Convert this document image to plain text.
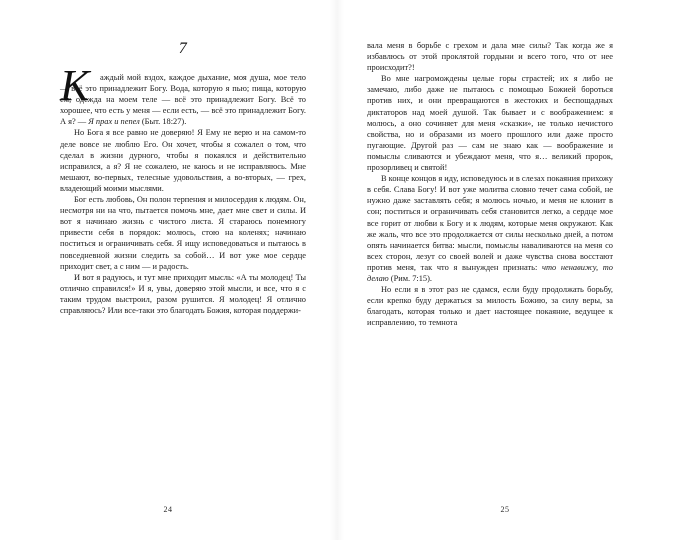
7
К	аждый мой вздох, каждое дыхание, моя душа, мое тело — всё это принадлежит Богу. Вода, которую я пью; пища, которую ем; одежда на моем теле — всё это принадлежит Богу. Всё то хорошее, что есть у меня — если есть, — всё это принадлежит Богу. А я? — Я прах и пепел (Быт. 18:27).

Но Бога я все равно не доверяю! Я Ему не верю и на самом-то деле вовсе не люблю Его. Он хочет, чтобы я сожалел о том, что сделал в жизни дурного, чтобы я покаялся и действительно исправился, а я? Я не сожалею, не каюсь и не исправляюсь. Мне мешают, во-первых, телесные удовольствия, а во-вторых, — грех, владеющий моими мыслями.

Бог есть любовь, Он полон терпения и милосердия к людям. Он, несмотря ни на что, пытается помочь мне, дает мне свет и силы. И вот я начинаю жизнь с чистого листа. Я стараюсь понемногу привести себя в порядок: молюсь, стою на коленях; начинаю поститься и ограничивать себя. Я ищу исповедоваться и пытаюсь в повседневной жизни следить за собой… И вот уже мое сердце приходит свет, а с ним — и радость.

И вот я радуюсь, и тут мне приходит мысль: «А ты молодец! Ты отлично справился!» И я, увы, доверяю этой мысли, и все, что я с таким трудом выстроил, разом рушится. Я молодец! Я отлично справляюсь? Или все-таки это благодать Божия, которая поддержи-

24

вала меня в борьбе с грехом и дала мне силы? Так когда же я избавлюсь от этой проклятой гордыни и всего того, что от нее происходит?!

Во мне нагромождены целые горы страстей; их я либо не замечаю, либо даже не пытаюсь с помощью Божией бороться против них, и они превращаются в жестоких и беспощадных диктаторов над моей душой. Так бывает и с воображением: я молюсь, а оно сочиняет для меня «сказки», не только нечистого свойства, но и образами из моего прошлого или даже просто пугающие. Другой раз — сам не знаю как — воображение и помыслы сливаются и убеждают меня, что я… великий пророк, прозорливец и святой!

В конце концов я иду, исповедуюсь и в слезах покаяния прихожу в себя. Слава Богу! И вот уже молитва словно течет сама собой, не нужно даже заставлять себя; я молюсь ночью, и меня не клонит в сон; поститься и ограничивать себя становится легко, а сердце мое все горит от любви к Богу и к людям, которые меня окружают. Как же жаль, что все это продолжается от силы несколько дней, а потом опять начинается битва: мысли, помыслы наваливаются на меня со всех сторон, лезут со своей волей и даже чувства снова восстают против меня, так что я вынужден признать: что ненавижу, то делаю (Рим. 7:15).

Но если я в этот раз не сдамся, если буду продолжать борьбу, если крепко буду держаться за милость Божию, за силу веры, за благодать, которая только и дает настоящее покаяние, ведущее к исправлению, то темнота

25
